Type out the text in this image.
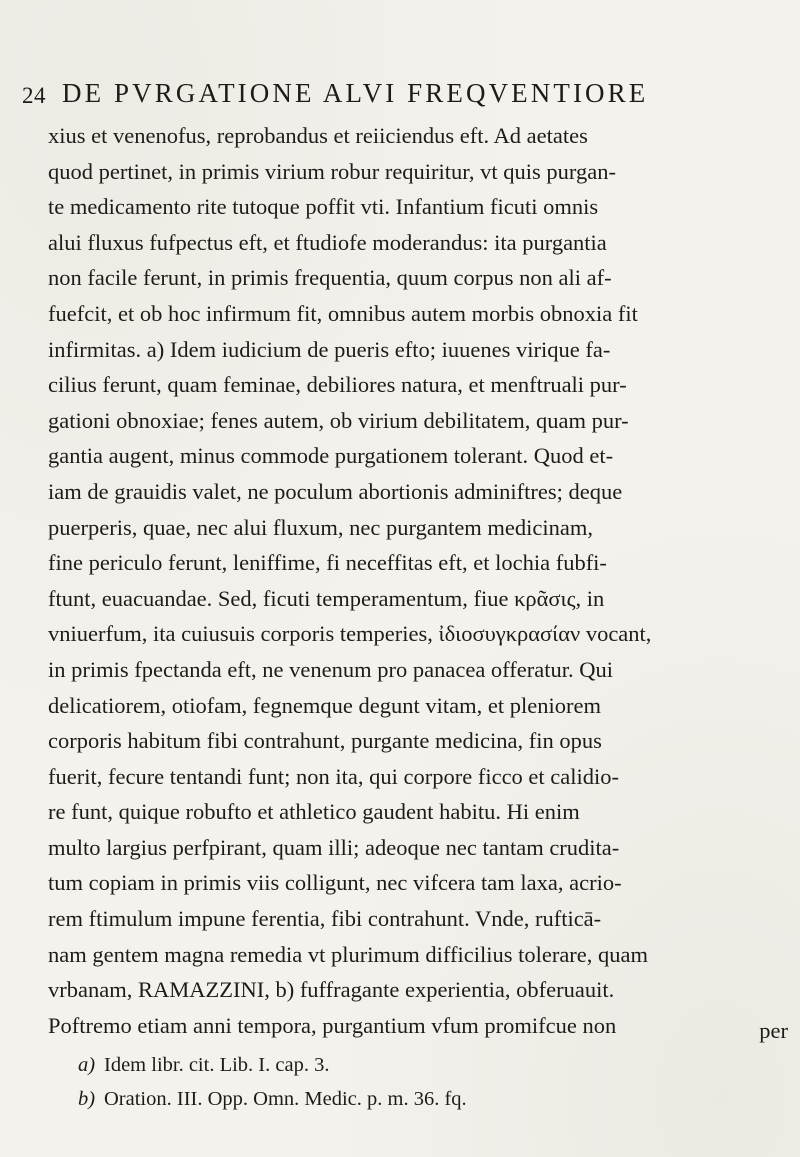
24 DE PVRGATIONE ALVI FREQVENTIORE
xius et venenofus, reprobandus et reiiciendus eft. Ad aetates
quod pertinet, in primis virium robur requiritur, vt quis purgan-
te medicamento rite tutoque poffit vti. Infantium ficuti omnis
alui fluxus fufpectus eft, et ftudiofe moderandus: ita purgantia
non facile ferunt, in primis frequentia, quum corpus non ali af-
fuefcit, et ob hoc infirmum fit, omnibus autem morbis obnoxia fit
infirmitas. a) Idem iudicium de pueris efto; iuuenes virique fa-
cilius ferunt, quam feminae, debiliores natura, et menftruali pur-
gationi obnoxiae; fenes autem, ob virium debilitatem, quam pur-
gantia augent, minus commode purgationem tolerant. Quod et-
iam de grauidis valet, ne poculum abortionis adminiftres; deque
puerperis, quae, nec alui fluxum, nec purgantem medicinam,
fine periculo ferunt, leniffime, fi neceffitas eft, et lochia fubfi-
ftunt, euacuandae. Sed, ficuti temperamentum, fiue κρᾶσις, in
vniuerfum, ita cuiusuis corporis temperies, ἰδιοσυγκρασίαν vocant,
in primis fpectanda eft, ne venenum pro panacea offeratur. Qui
delicatiorem, otiofam, fegnemque degunt vitam, et pleniorem
corporis habitum fibi contrahunt, purgante medicina, fin opus
fuerit, fecure tentandi funt; non ita, qui corpore ficco et calidio-
re funt, quique robufto et athletico gaudent habitu. Hi enim
multo largius perfpirant, quam illi; adeoque nec tantam crudita-
tum copiam in primis viis colligunt, nec vifcera tam laxa, acrio-
rem ftimulum impune ferentia, fibi contrahunt. Vnde, rufticā-
nam gentem magna remedia vt plurimum difficilius tolerare, quam
vrbanam, RAMAZZINI, b) fuffragante experientia, obferuauit.
Poftremo etiam anni tempora, purgantium vfum promifcue non	per
a) Idem libr. cit. Lib. I. cap. 3.
b) Oration. III. Opp. Omn. Medic. p. m. 36. fq.
